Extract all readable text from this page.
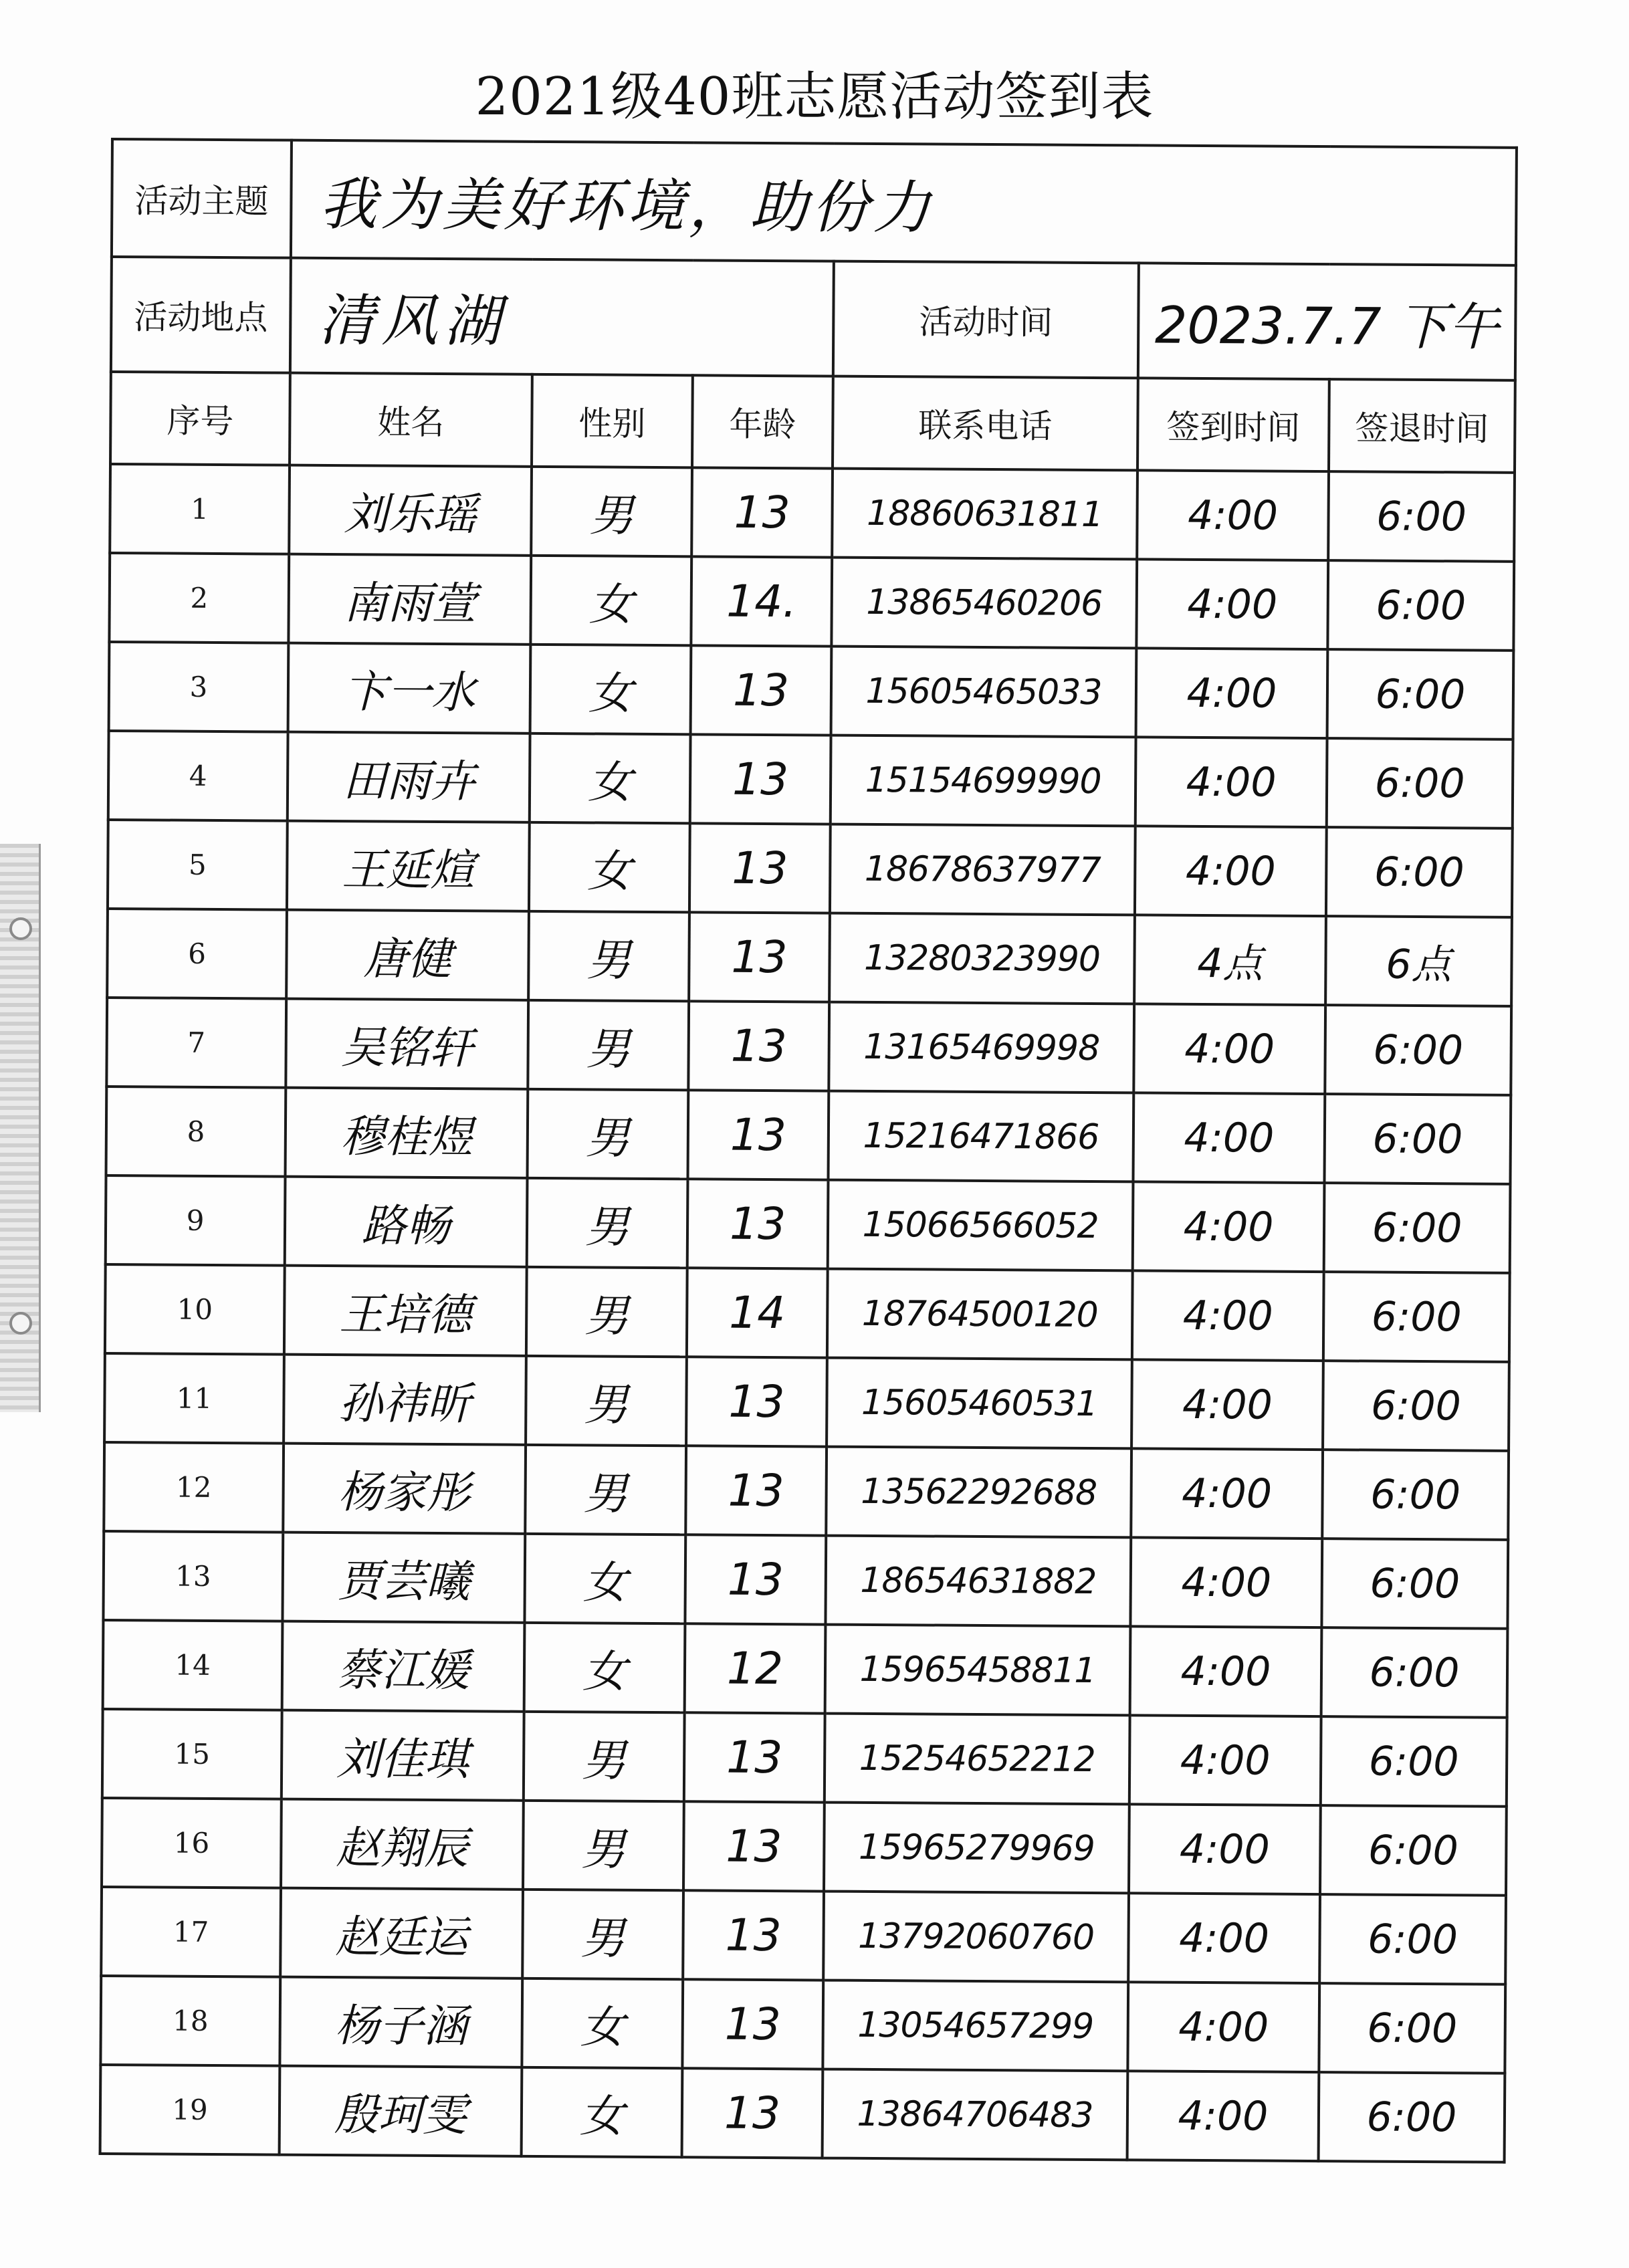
2021级40班志愿活动签到表
活动主题	我为美好环境，助份力					
活动地点	清风湖			活动时间	2023.7.7 下午	
序号	姓名	性别	年龄	联系电话	签到时间	签退时间
1	刘乐瑶	男	13	18860631811	4:00	6:00
2	南雨萱	女	14.	13865460206	4:00	6:00
3	卞一水	女	13	15605465033	4:00	6:00
4	田雨卉	女	13	15154699990	4:00	6:00
5	王延煊	女	13	18678637977	4:00	6:00
6	唐健	男	13	13280323990	4点	6点
7	吴铭轩	男	13	13165469998	4:00	6:00
8	穆桂煜	男	13	15216471866	4:00	6:00
9	路畅	男	13	15066566052	4:00	6:00
10	王培德	男	14	18764500120	4:00	6:00
11	孙祎昕	男	13	15605460531	4:00	6:00
12	杨家彤	男	13	13562292688	4:00	6:00
13	贾芸曦	女	13	18654631882	4:00	6:00
14	蔡江媛	女	12	15965458811	4:00	6:00
15	刘佳琪	男	13	15254652212	4:00	6:00
16	赵翔辰	男	13	15965279969	4:00	6:00
17	赵廷运	男	13	13792060760	4:00	6:00
18	杨子涵	女	13	13054657299	4:00	6:00
19	殷珂雯	女	13	13864706483	4:00	6:00
